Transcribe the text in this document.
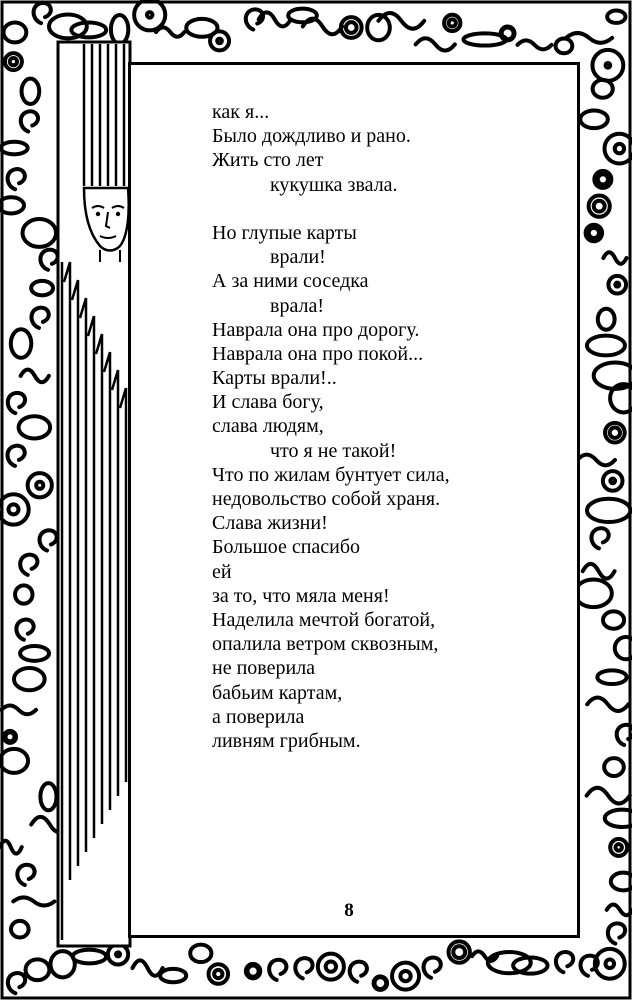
как я...
Было дождливо и рано.
Жить сто лет
кукушка звала.
Но глупые карты
врали!
А за ними соседка
врала!
Наврала она про дорогу.
Наврала она про покой...
Карты врали!..
И слава богу,
слава людям,
что я не такой!
Что по жилам бунтует сила,
недовольство собой храня.
Слава жизни!
Большое спасибо
ей
за то, что мяла меня!
Наделила мечтой богатой,
опалила ветром сквозным,
не поверила
бабьим картам,
а поверила
ливням грибным.
8
